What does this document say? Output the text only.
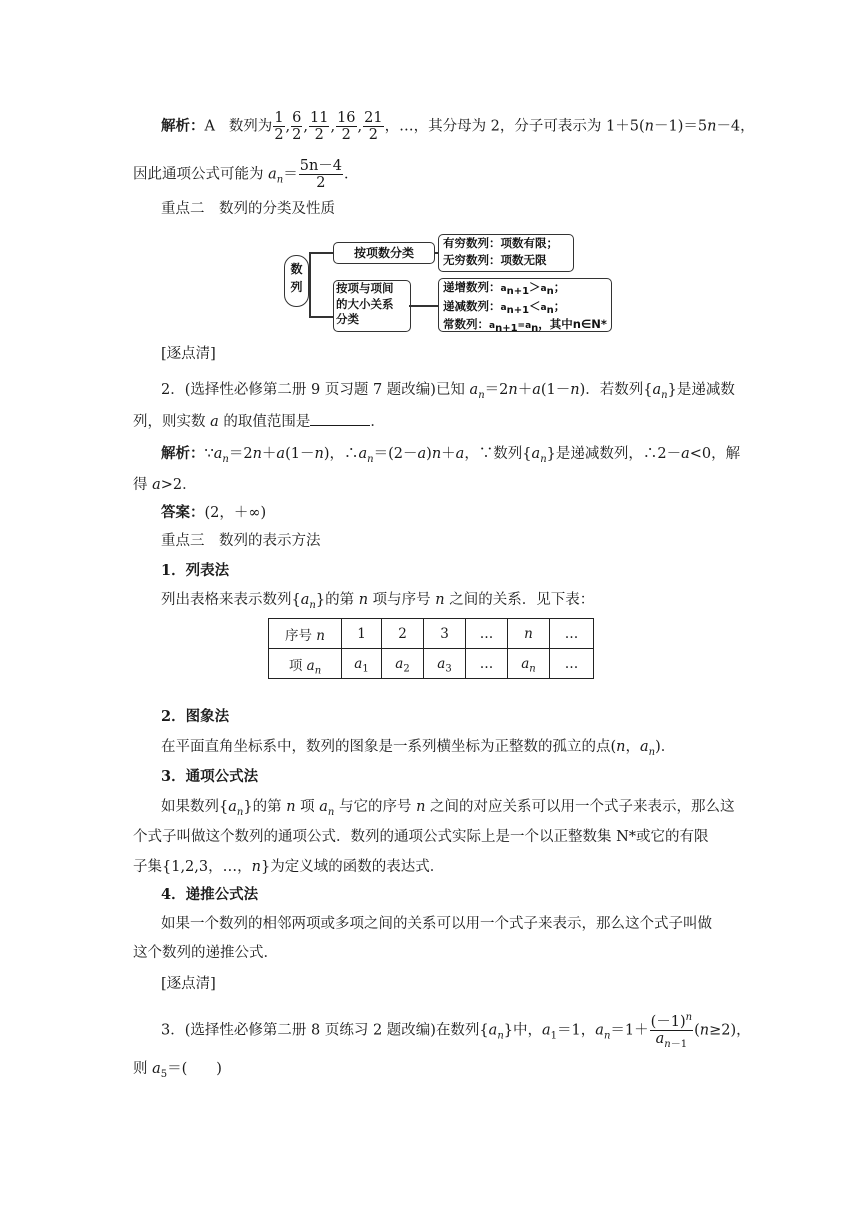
解析：A 数列为 $\frac{1}{2}$ , $\frac{6}{2}$ , $\frac{11}{2}$ , $\frac{16}{2}$ , $\frac{21}{2}$ ，…，其分母为 2，分子可表示为 1＋5(n－1)＝5n－4，
因此通项公式可能为 $a_n= \frac{5n-4}{2}$ ．
重点二　数列的分类及性质
数列
按项数分类
有穷数列：项数有限；
无穷数列：项数无限
按项与项间
的大小关系
分类
递增数列：$a_{n+1}>a_n$；
递减数列：$a_{n+1}<a_n$；
常数列：$a_{n+1}=a_n$，其中n∈N*
[逐点清]
2．(选择性必修第二册 9 页习题 7 题改编)已知 $a_n=2n+a(1-n)$．若数列$\{a_n\}$是递减数
列，则实数 a 的取值范围是	．
解析：$\because a_n=2n+a(1-n)$，$\therefore a_n=(2-a)n+a$，∵数列$\{a_n\}$是递减数列，∴2－a<0，解
得 a>2．
答案：(2，＋∞)
重点三　数列的表示方法
1．列表法
列出表格来表示数列$\{a_n\}$的第 n 项与序号 n 之间的关系．见下表：
序号 n	1	2	3	…	n	…
项 $a_n$	$a_1$	$a_2$	$a_3$	…	$a_n$	…
2．图象法
在平面直角坐标系中，数列的图象是一系列横坐标为正整数的孤立的点(n，$a_n$)．
3．通项公式法
如果数列$\{a_n\}$的第 n 项 $a_n$ 与它的序号 n 之间的对应关系可以用一个式子来表示，那么这
个式子叫做这个数列的通项公式．数列的通项公式实际上是一个以正整数集 N*或它的有限
子集{1,2,3，…，n}为定义域的函数的表达式．
4．递推公式法
如果一个数列的相邻两项或多项之间的关系可以用一个式子来表示，那么这个式子叫做
这个数列的递推公式．
[逐点清]
3．(选择性必修第二册 8 页练习 2 题改编)在数列$\{a_n\}$中，$a_1=1$，$a_n=1+ \frac{(-1)^n}{a_{n-1}} (n\ge 2)$，
则 $a_5=$(　　)
